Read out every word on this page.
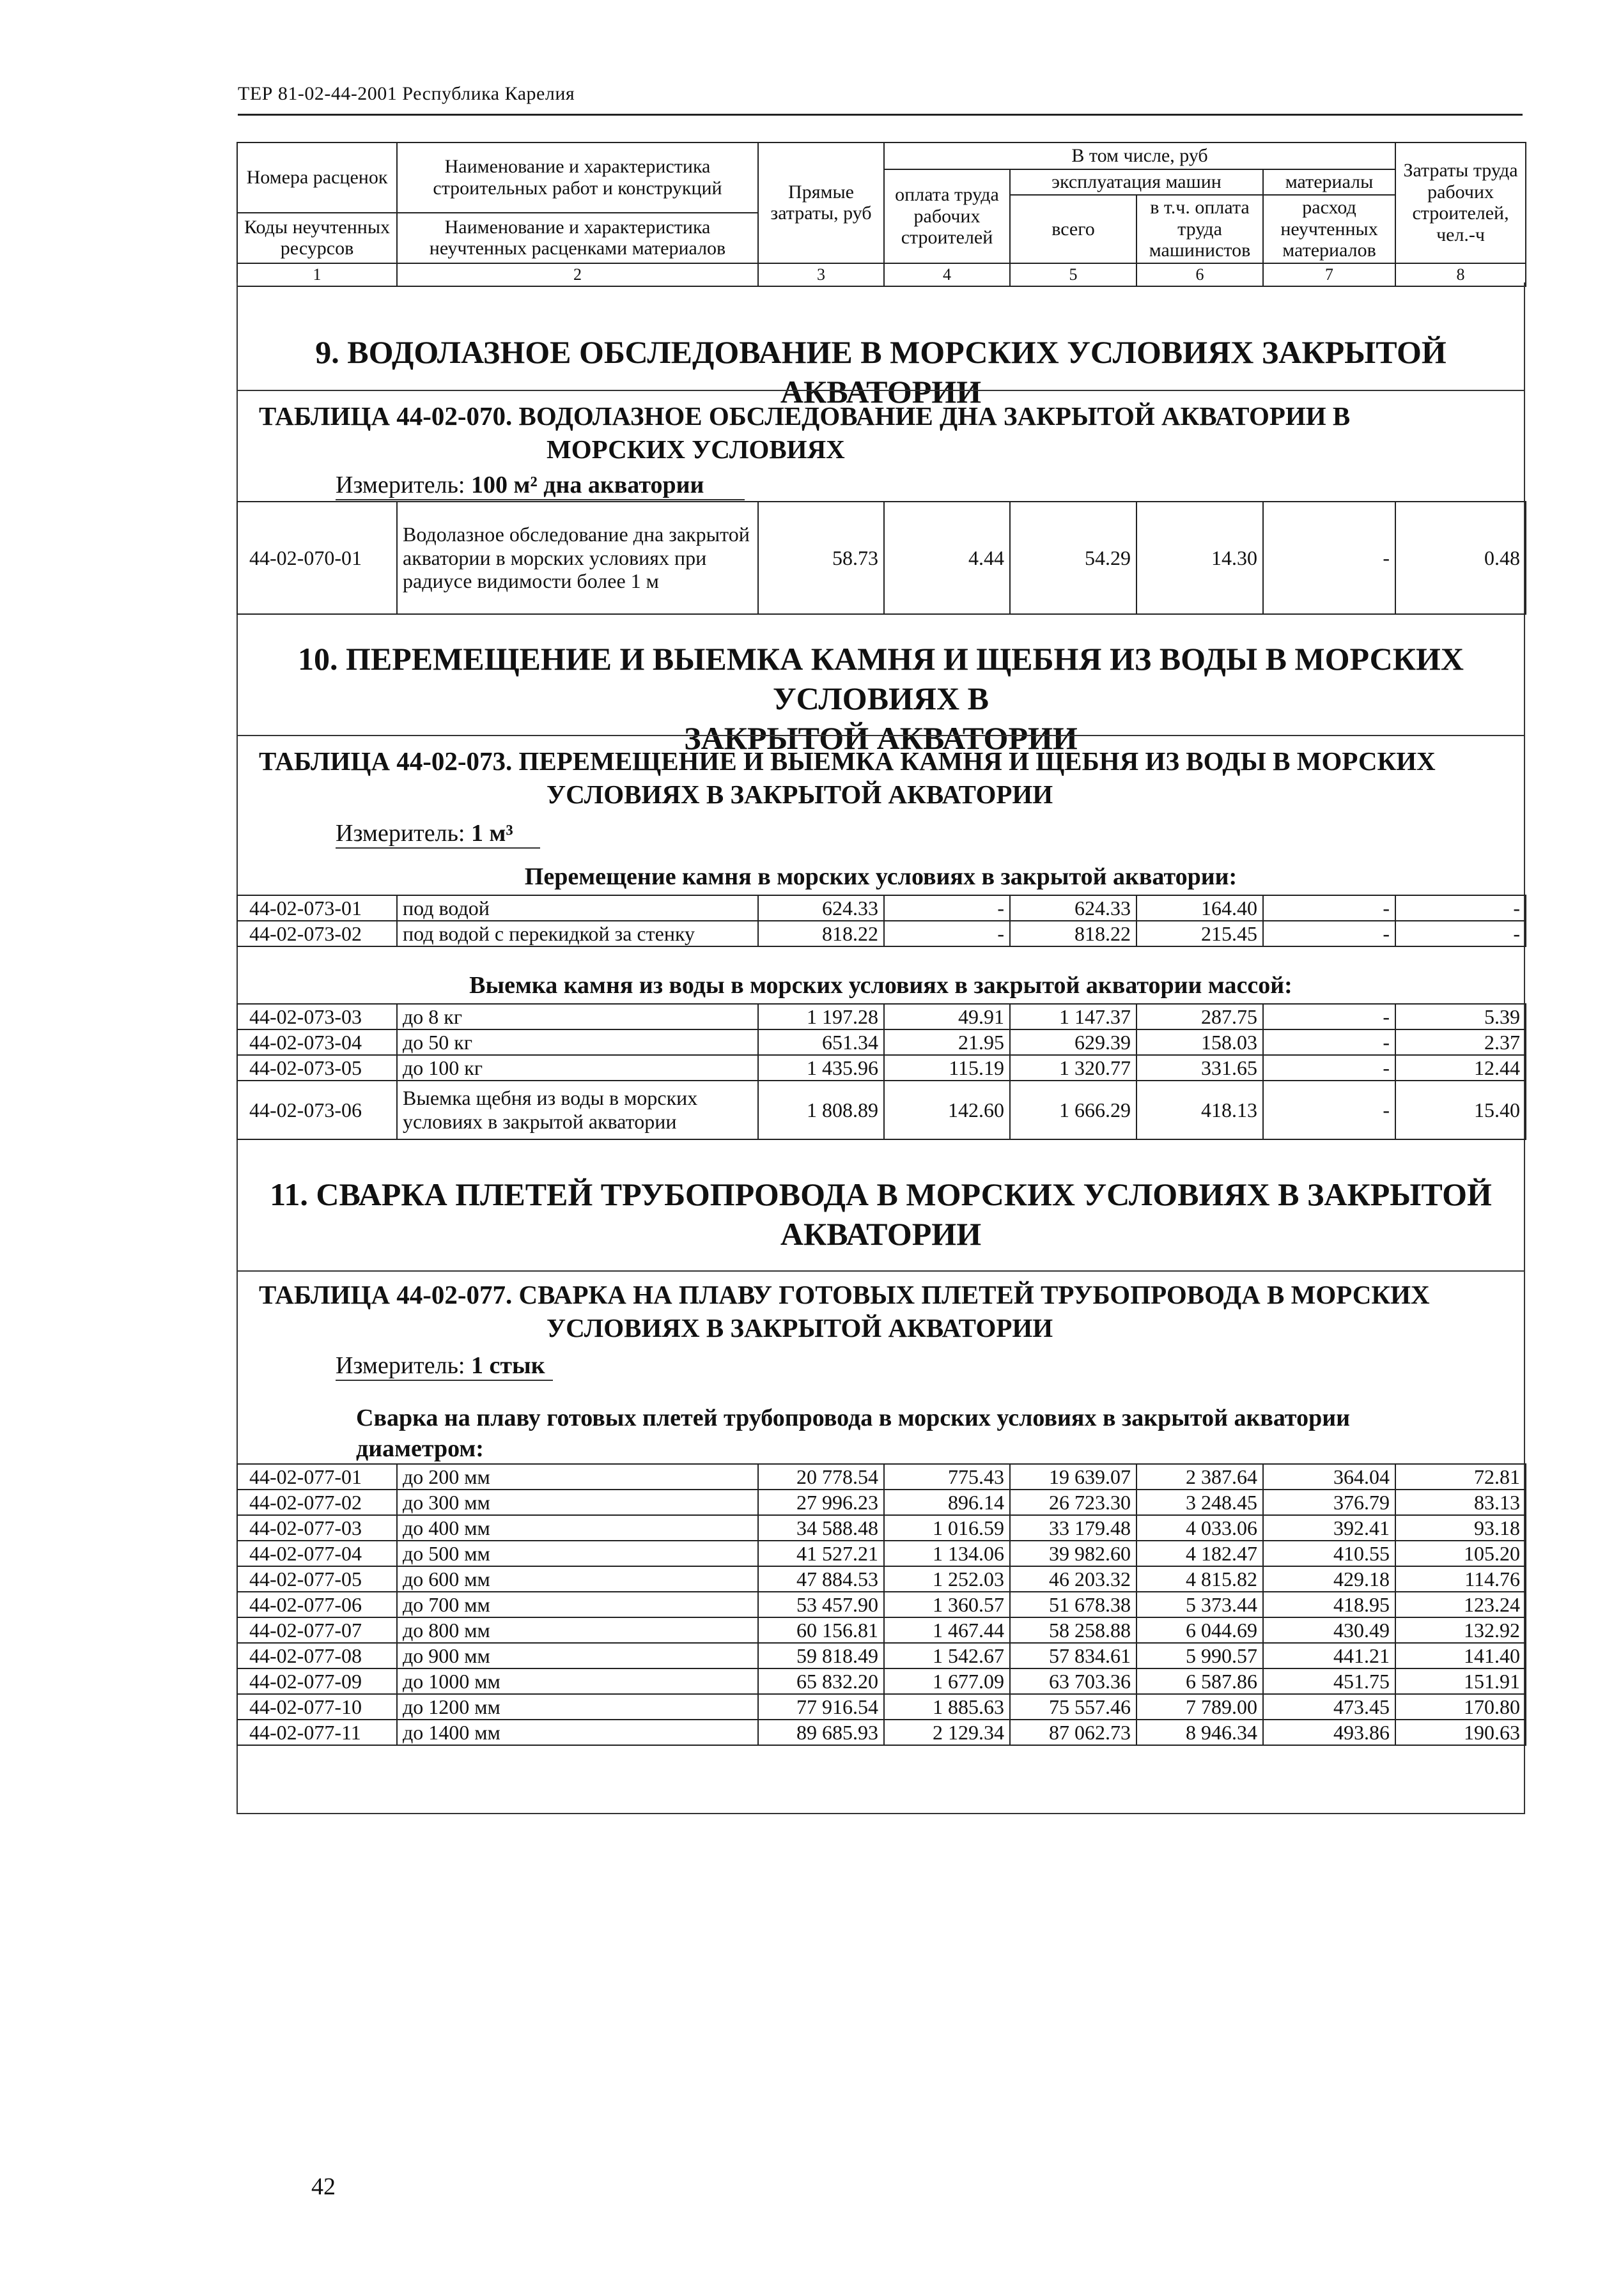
ТЕР 81-02-44-2001 Республика Карелия
Номера расценок	Наименование и характеристика строительных работ и конструкций	Прямые затраты, руб	В том числе, руб				Затраты труда рабочих строителей, чел.-ч
			оплата труда рабочих строителей	эксплуатация машин		материалы	
				всего	в т.ч. оплата труда машинистов	расход неучтенных материалов	
Коды неучтенных ресурсов	Наименование и характеристика неучтенных расценками материалов						

1	2	3	4	5	6	7	8
9. ВОДОЛАЗНОЕ ОБСЛЕДОВАНИЕ В МОРСКИХ УСЛОВИЯХ ЗАКРЫТОЙ АКВАТОРИИ
ТАБЛИЦА 44-02-070. ВОДОЛАЗНОЕ ОБСЛЕДОВАНИЕ ДНА ЗАКРЫТОЙ АКВАТОРИИ В
МОРСКИХ УСЛОВИЯХ
Измеритель: 100 м² дна акватории
44-02-070-01	Водолазное обследование дна закрытой акватории в морских условиях при радиусе видимости более 1 м	58.73	4.44	54.29	14.30	-	0.48
10. ПЕРЕМЕЩЕНИЕ И ВЫЕМКА КАМНЯ И ЩЕБНЯ ИЗ ВОДЫ В МОРСКИХ УСЛОВИЯХ В
ЗАКРЫТОЙ АКВАТОРИИ
ТАБЛИЦА 44-02-073. ПЕРЕМЕЩЕНИЕ И ВЫЕМКА КАМНЯ И ЩЕБНЯ ИЗ ВОДЫ В МОРСКИХ
УСЛОВИЯХ В ЗАКРЫТОЙ АКВАТОРИИ
Измеритель: 1 м³
Перемещение камня в морских условиях в закрытой акватории:
44-02-073-01	под водой	624.33	-	624.33	164.40	-	-
44-02-073-02	под водой с перекидкой за стенку	818.22	-	818.22	215.45	-	-
Выемка камня из воды в морских условиях в закрытой акватории массой:
44-02-073-03	до 8 кг	1 197.28	49.91	1 147.37	287.75	-	5.39
44-02-073-04	до 50 кг	651.34	21.95	629.39	158.03	-	2.37
44-02-073-05	до 100 кг	1 435.96	115.19	1 320.77	331.65	-	12.44
44-02-073-06	Выемка щебня из воды в морских условиях в закрытой акватории	1 808.89	142.60	1 666.29	418.13	-	15.40
11. СВАРКА ПЛЕТЕЙ ТРУБОПРОВОДА В МОРСКИХ УСЛОВИЯХ В ЗАКРЫТОЙ
АКВАТОРИИ
ТАБЛИЦА 44-02-077. СВАРКА НА ПЛАВУ ГОТОВЫХ ПЛЕТЕЙ ТРУБОПРОВОДА В МОРСКИХ
УСЛОВИЯХ В ЗАКРЫТОЙ АКВАТОРИИ
Измеритель: 1 стык
Сварка на плаву готовых плетей трубопровода в морских условиях в закрытой акватории
диаметром:
44-02-077-01	до 200 мм	20 778.54	775.43	19 639.07	2 387.64	364.04	72.81
44-02-077-02	до 300 мм	27 996.23	896.14	26 723.30	3 248.45	376.79	83.13
44-02-077-03	до 400 мм	34 588.48	1 016.59	33 179.48	4 033.06	392.41	93.18
44-02-077-04	до 500 мм	41 527.21	1 134.06	39 982.60	4 182.47	410.55	105.20
44-02-077-05	до 600 мм	47 884.53	1 252.03	46 203.32	4 815.82	429.18	114.76
44-02-077-06	до 700 мм	53 457.90	1 360.57	51 678.38	5 373.44	418.95	123.24
44-02-077-07	до 800 мм	60 156.81	1 467.44	58 258.88	6 044.69	430.49	132.92
44-02-077-08	до 900 мм	59 818.49	1 542.67	57 834.61	5 990.57	441.21	141.40
44-02-077-09	до 1000 мм	65 832.20	1 677.09	63 703.36	6 587.86	451.75	151.91
44-02-077-10	до 1200 мм	77 916.54	1 885.63	75 557.46	7 789.00	473.45	170.80
44-02-077-11	до 1400 мм	89 685.93	2 129.34	87 062.73	8 946.34	493.86	190.63
42
